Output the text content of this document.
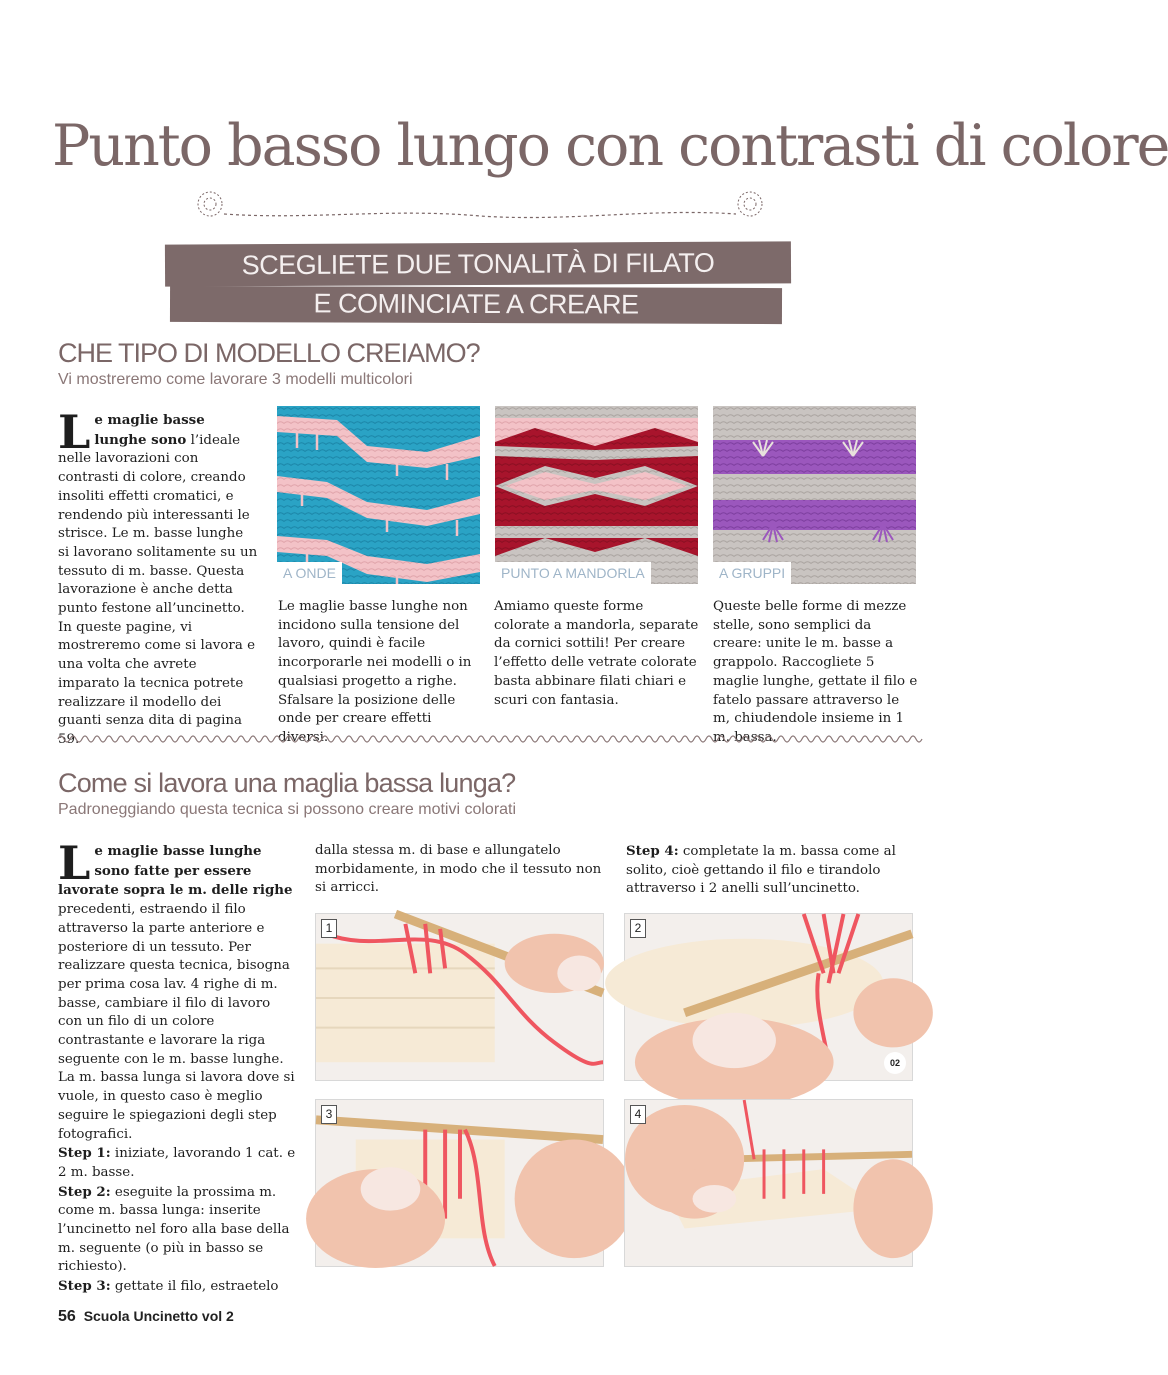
Punto basso lungo con contrasti di colore
SCEGLIETE DUE TONALITÀ DI FILATO
E COMINCIATE A CREARE
CHE TIPO DI MODELLO CREIAMO?
Vi mostreremo come lavorare 3 modelli multicolori
Le maglie basse lunghe sono l’ideale nelle lavorazioni con contrasti di colore, creando insoliti effetti cromatici, e rendendo più interessanti le strisce. Le m. basse lunghe si lavorano solitamente su un tessuto di m. basse. Questa lavorazione è anche detta punto festone all’uncinetto. In queste pagine, vi mostreremo come si lavora e una volta che avrete imparato la tecnica potrete realizzare il modello dei guanti senza dita di pagina 59.
A ONDE	PUNTO A MANDORLA	A GRUPPI
Le maglie basse lunghe non incidono sulla tensione del lavoro, quindi è facile incorporarle nei modelli o in qualsiasi progetto a righe. Sfalsare la posizione delle onde per creare effetti diversi.
Amiamo queste forme colorate a mandorla, separate da cornici sottili! Per creare l’effetto delle vetrate colorate basta abbinare filati chiari e scuri con fantasia.
Queste belle forme di mezze stelle, sono semplici da creare: unite le m. basse a grappolo. Raccogliete 5 maglie lunghe, gettate il filo e fatelo passare attraverso le m, chiudendole insieme in 1 m. bassa.
Come si lavora una maglia bassa lunga?
Padroneggiando questa tecnica si possono creare motivi colorati
Le maglie basse lunghe sono fatte per essere lavorate sopra le m. delle righe precedenti, estraendo il filo attraverso la parte anteriore e posteriore di un tessuto. Per realizzare questa tecnica, bisogna per prima cosa lav. 4 righe di m. basse, cambiare il filo di lavoro con un filo di un colore contrastante e lavorare la riga seguente con le m. basse lunghe. La m. bassa lunga si lavora dove si vuole, in questo caso è meglio seguire le spiegazioni degli step fotografici.
Step 1: iniziate, lavorando 1 cat. e 2 m. basse.
Step 2: eseguite la prossima m. come m. bassa lunga: inserite l’uncinetto nel foro alla base della m. seguente (o più in basso se richiesto).
Step 3: gettate il filo, estraetelo
dalla stessa m. di base e allungatelo morbidamente, in modo che il tessuto non si arricci.
Step 4: completate la m. bassa come al solito, cioè gettando il filo e tirandolo attraverso i 2 anelli sull’uncinetto.
1	2
02
3	4
56 Scuola Uncinetto vol 2
